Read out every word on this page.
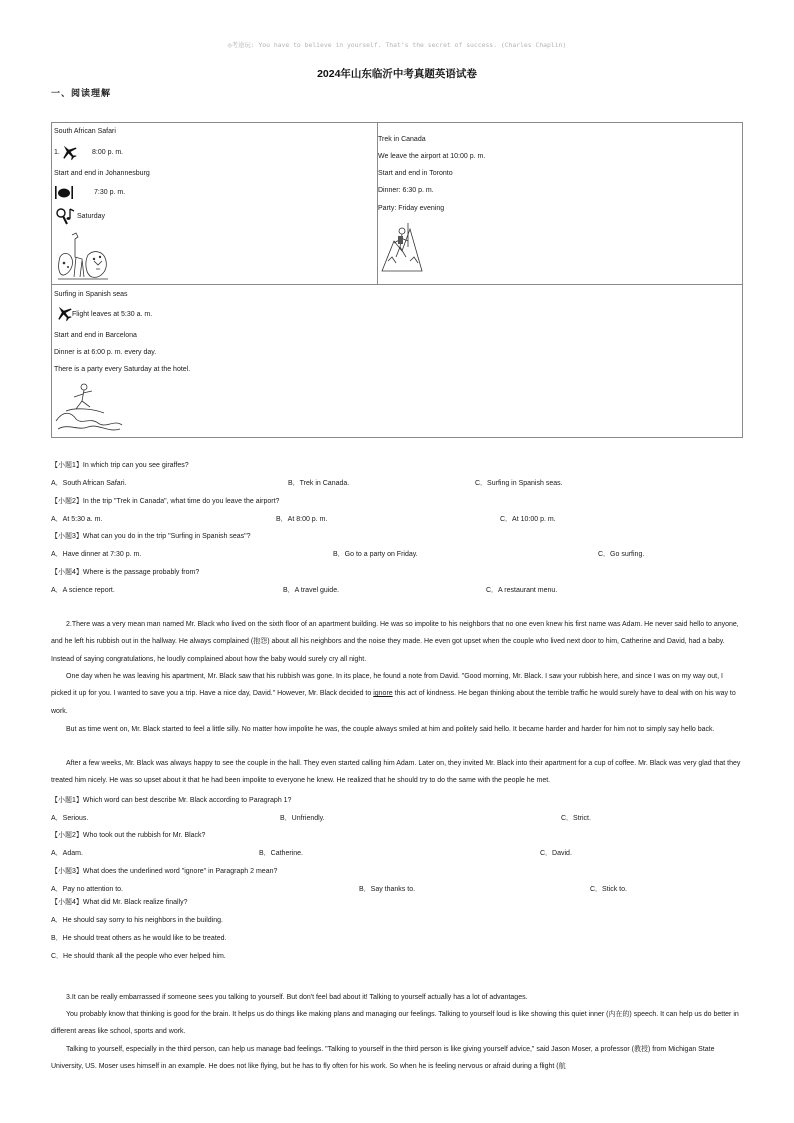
◎考途玩: You have to believe in yourself. That’s the secret of success. (Charles Chaplin)
2024年山东临沂中考真题英语试卷
一、阅读理解
South African Safari
1.	8:00 p. m.
Start and end in Johannesburg
7:30 p. m.
Saturday
Trek in Canada
We leave the airport at 10:00 p. m.
Start and end in Toronto
Dinner: 6:30 p. m.
Party: Friday evening
Surfing in Spanish seas
Flight leaves at 5:30 a. m.
Start and end in Barcelona
Dinner is at 6:00 p. m. every day.
There is a party every Saturday at the hotel.
【小题1】In which trip can you see giraffes?
A．South African Safari.	B．Trek in Canada.	C．Surfing in Spanish seas.
【小题2】In the trip "Trek in Canada", what time do you leave the airport?
A．At 5:30 a. m.	B．At 8:00 p. m.	C．At 10:00 p. m.
【小题3】What can you do in the trip "Surfing in Spanish seas"?
A．Have dinner at 7:30 p. m.	B．Go to a party on Friday.	C．Go surfing.
【小题4】Where is the passage probably from?
A．A science report.	B．A travel guide.	C．A restaurant menu.

2.There was a very mean man named Mr. Black who lived on the sixth floor of an apartment building. He was so impolite to his neighbors that no one even knew his first name was Adam. He never said hello to anyone, and he left his rubbish out in the hallway. He always complained (抱怨) about all his neighbors and the noise they made. He even got upset when the couple who lived next door to him, Catherine and David, had a baby. Instead of saying congratulations, he loudly complained about how the baby would surely cry all night.

One day when he was leaving his apartment, Mr. Black saw that his rubbish was gone. In its place, he found a note from David. "Good morning, Mr. Black. I saw your rubbish here, and since I was on my way out, I picked it up for you. I wanted to save you a trip. Have a nice day, David." However, Mr. Black decided to ignore this act of kindness. He began thinking about the terrible traffic he would surely have to deal with on his way to work.

But as time went on, Mr. Black started to feel a little silly. No matter how impolite he was, the couple always smiled at him and politely said hello. It became harder and harder for him not to simply say hello back.

After a few weeks, Mr. Black was always happy to see the couple in the hall. They even started calling him Adam. Later on, they invited Mr. Black into their apartment for a cup of coffee. Mr. Black was very glad that they treated him nicely. He was so upset about it that he had been impolite to everyone he knew. He realized that he should try to do the same with the people he met.

【小题1】Which word can best describe Mr. Black according to Paragraph 1?
A．Serious.	B．Unfriendly.	C．Strict.
【小题2】Who took out the rubbish for Mr. Black?
A．Adam.	B．Catherine.	C．David.
【小题3】What does the underlined word "ignore" in Paragraph 2 mean?
A．Pay no attention to.	B．Say thanks to.	C．Stick to.
【小题4】What did Mr. Black realize finally?
A．He should say sorry to his neighbors in the building.
B．He should treat others as he would like to be treated.
C．He should thank all the people who ever helped him.

3.It can be really embarrassed if someone sees you talking to yourself. But don't feel bad about it! Talking to yourself actually has a lot of advantages.

You probably know that thinking is good for the brain. It helps us do things like making plans and managing our feelings. Talking to yourself loud is like showing this quiet inner (内在的) speech. It can help us do better in different areas like school, sports and work.

Talking to yourself, especially in the third person, can help us manage bad feelings. "Talking to yourself in the third person is like giving yourself advice," said Jason Moser, a professor (教授) from Michigan State University, US. Moser uses himself in an example. He does not like flying, but he has to fly often for his work. So when he is feeling nervous or afraid during a flight (航
